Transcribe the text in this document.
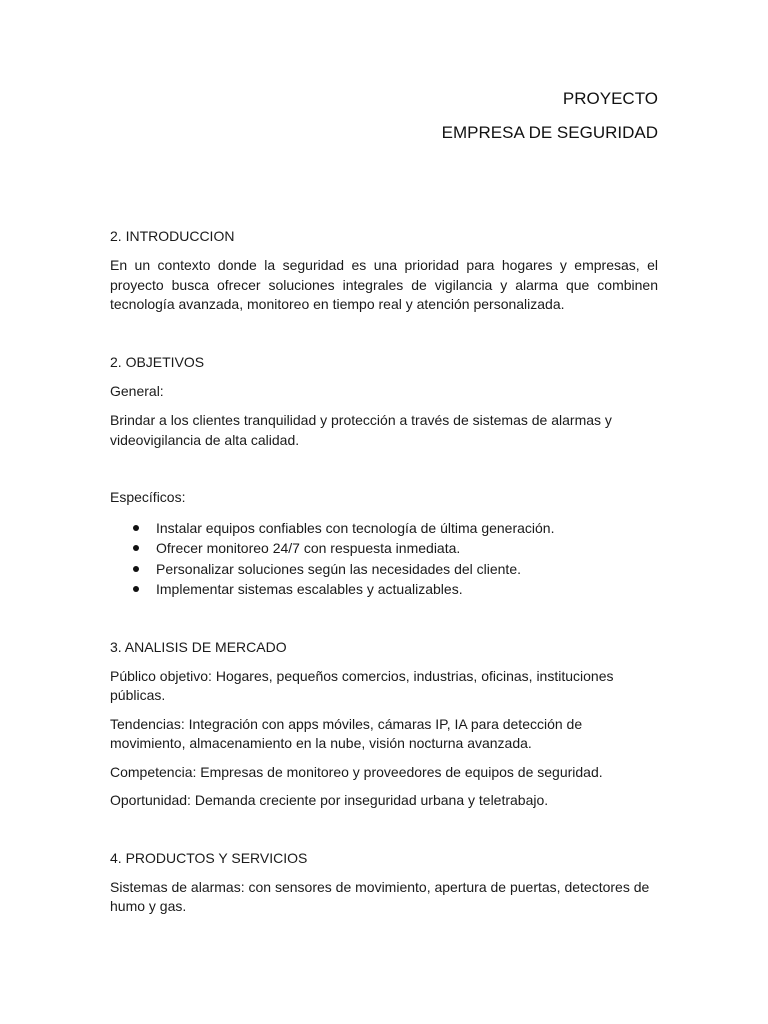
PROYECTO
EMPRESA DE SEGURIDAD

2. INTRODUCCION

En un contexto donde la seguridad es una prioridad para hogares y empresas, el proyecto busca ofrecer soluciones integrales de vigilancia y alarma que combinen tecnología avanzada, monitoreo en tiempo real y atención personalizada.

2. OBJETIVOS

General:

Brindar a los clientes tranquilidad y protección a través de sistemas de alarmas y videovigilancia de alta calidad.

Específicos:

Instalar equipos confiables con tecnología de última generación.
Ofrecer monitoreo 24/7 con respuesta inmediata.
Personalizar soluciones según las necesidades del cliente.
Implementar sistemas escalables y actualizables.

3. ANALISIS DE MERCADO

Público objetivo: Hogares, pequeños comercios, industrias, oficinas, instituciones públicas.

Tendencias: Integración con apps móviles, cámaras IP, IA para detección de movimiento, almacenamiento en la nube, visión nocturna avanzada.

Competencia: Empresas de monitoreo y proveedores de equipos de seguridad.

Oportunidad: Demanda creciente por inseguridad urbana y teletrabajo.

4. PRODUCTOS Y SERVICIOS

Sistemas de alarmas: con sensores de movimiento, apertura de puertas, detectores de humo y gas.
